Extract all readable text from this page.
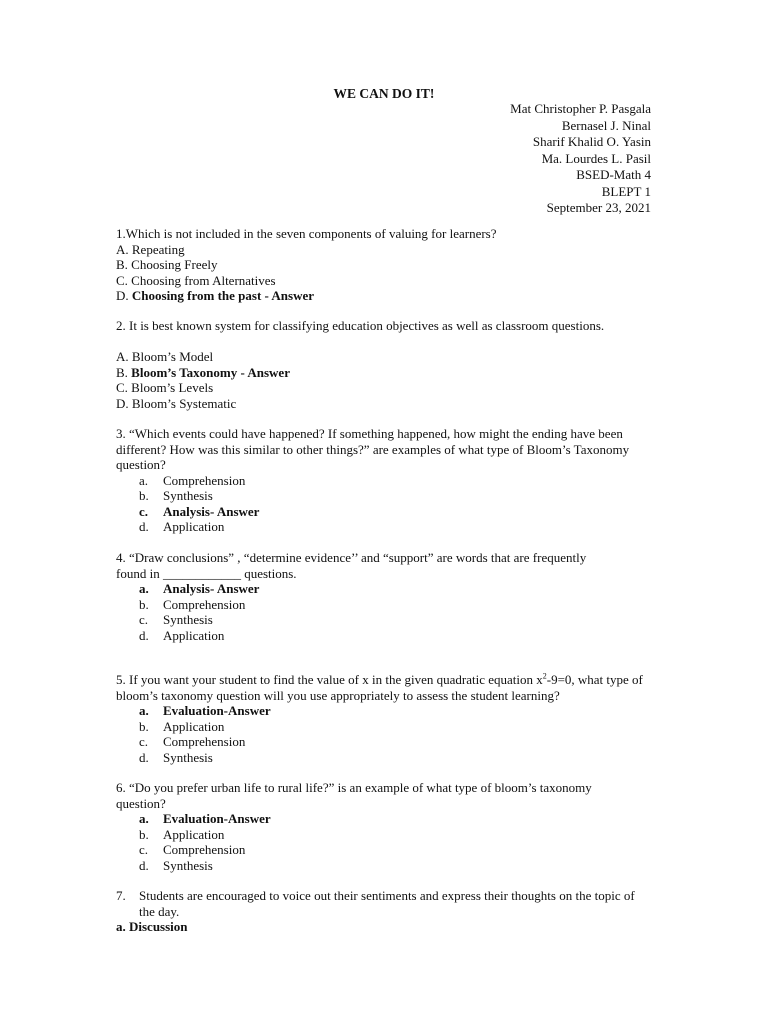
WE CAN DO IT!
Mat Christopher P. Pasgala
Bernasel J. Ninal
Sharif Khalid O. Yasin
Ma. Lourdes L. Pasil
BSED-Math 4
BLEPT 1
September 23, 2021
1.Which is not included in the seven components of valuing for learners?
A. Repeating
B. Choosing Freely
C. Choosing from Alternatives
D. Choosing from the past - Answer
2. It is best known system for classifying education objectives as well as classroom questions.
A. Bloom’s Model
B. Bloom’s Taxonomy - Answer
C. Bloom’s Levels
D. Bloom’s Systematic
3. “Which events could have happened? If something happened, how might the ending have been different? How was this similar to other things?” are examples of what type of Bloom’s Taxonomy question?
a. Comprehension
b. Synthesis
c. Analysis- Answer
d. Application
4. “Draw conclusions” , “determine evidence’’ and “support” are words that are frequently
found in ____________ questions.
a. Analysis- Answer
b. Comprehension
c. Synthesis
d. Application
5. If you want your student to find the value of x in the given quadratic equation $x^2-9=0$, what type of bloom’s taxonomy question will you use appropriately to assess the student learning?
a. Evaluation-Answer
b. Application
c. Comprehension
d. Synthesis
6. “Do you prefer urban life to rural life?” is an example of what type of bloom’s taxonomy question?
a. Evaluation-Answer
b. Application
c. Comprehension
d. Synthesis
7. Students are encouraged to voice out their sentiments and express their thoughts on the topic of the day.
a. Discussion
